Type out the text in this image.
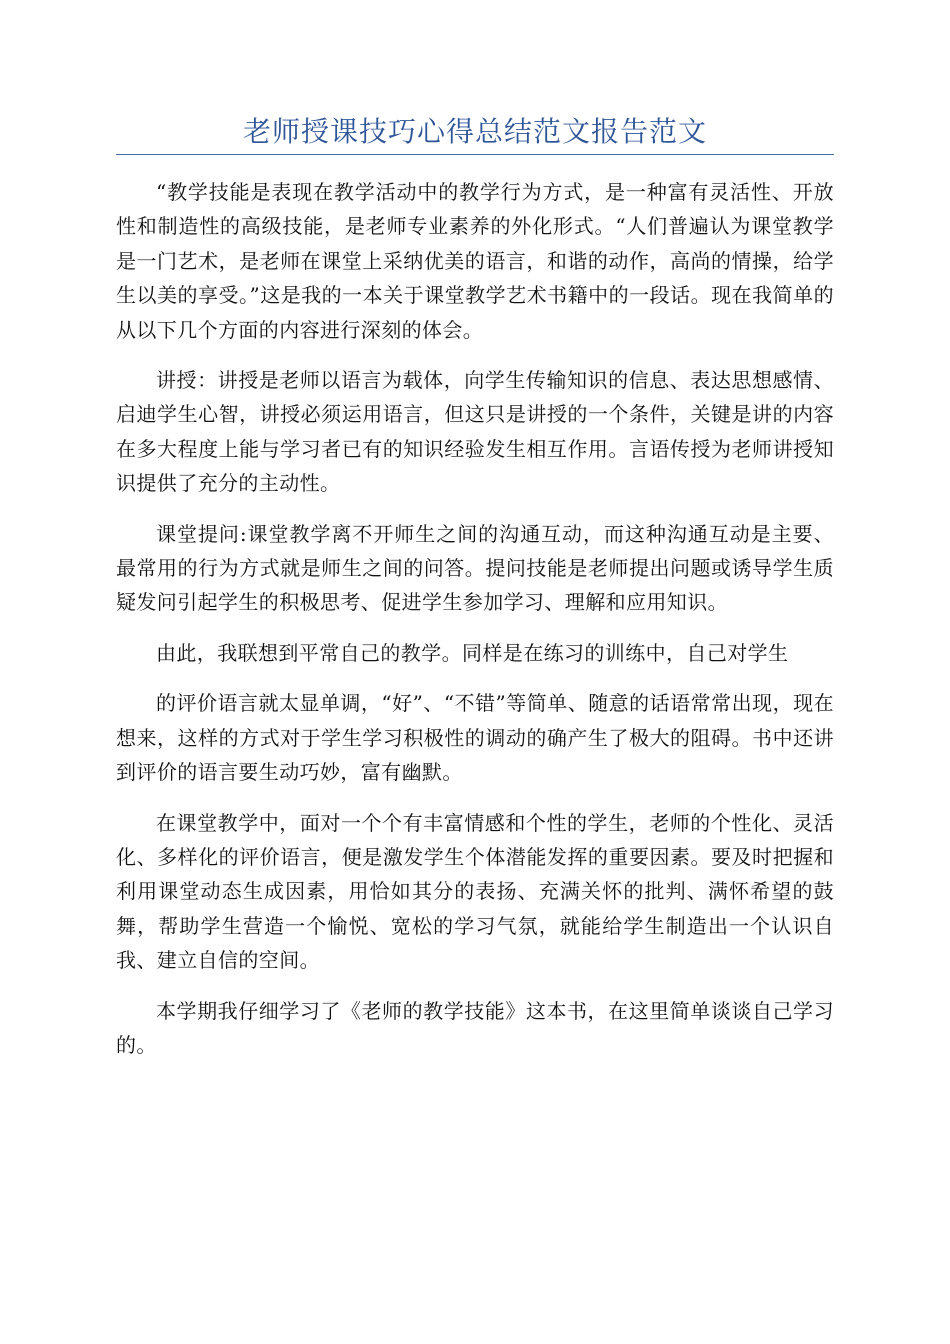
老师授课技巧心得总结范文报告范文

“教学技能是表现在教学活动中的教学行为方式，是一种富有灵活性、开放性和制造性的高级技能，是老师专业素养的外化形式。“人们普遍认为课堂教学是一门艺术，是老师在课堂上采纳优美的语言，和谐的动作，高尚的情操，给学生以美的享受。”这是我的一本关于课堂教学艺术书籍中的一段话。现在我简单的从以下几个方面的内容进行深刻的体会。

讲授：讲授是老师以语言为载体，向学生传输知识的信息、表达思想感情、启迪学生心智，讲授必须运用语言，但这只是讲授的一个条件，关键是讲的内容在多大程度上能与学习者已有的知识经验发生相互作用。言语传授为老师讲授知识提供了充分的主动性。

课堂提问:课堂教学离不开师生之间的沟通互动，而这种沟通互动是主要、最常用的行为方式就是师生之间的问答。提问技能是老师提出问题或诱导学生质疑发问引起学生的积极思考、促进学生参加学习、理解和应用知识。

由此，我联想到平常自己的教学。同样是在练习的训练中，自己对学生

的评价语言就太显单调，“好”、“不错”等简单、随意的话语常常出现，现在想来，这样的方式对于学生学习积极性的调动的确产生了极大的阻碍。书中还讲到评价的语言要生动巧妙，富有幽默。

在课堂教学中，面对一个个有丰富情感和个性的学生，老师的个性化、灵活化、多样化的评价语言，便是激发学生个体潜能发挥的重要因素。要及时把握和利用课堂动态生成因素，用恰如其分的表扬、充满关怀的批判、满怀希望的鼓舞，帮助学生营造一个愉悦、宽松的学习气氛，就能给学生制造出一个认识自我、建立自信的空间。

本学期我仔细学习了《老师的教学技能》这本书，在这里简单谈谈自己学习的。
